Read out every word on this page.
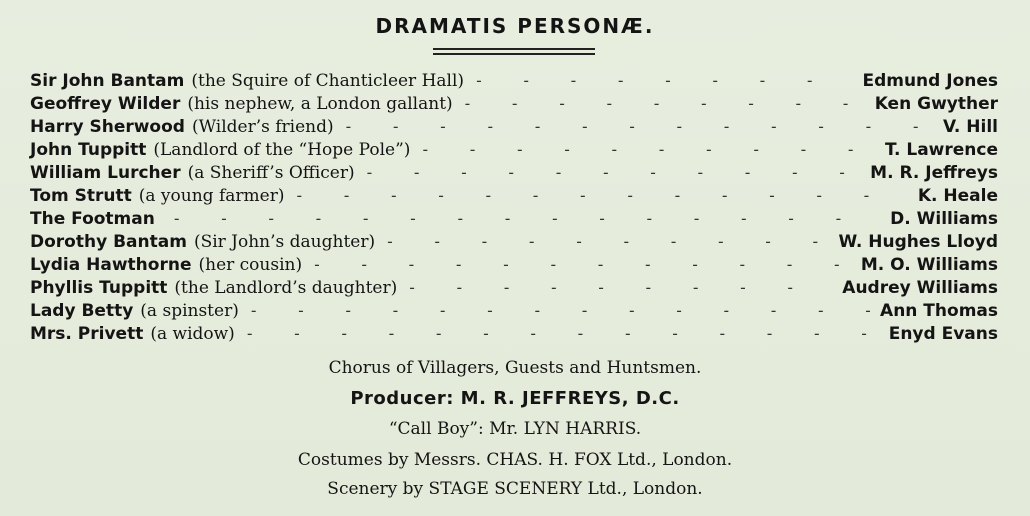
DRAMATIS PERSONÆ.
Sir John Bantam (the Squire of Chanticleer Hall) - - -	Edmund Jones
Geoffrey Wilder (his nephew, a London gallant) - - -	Ken Gwyther
Harry Sherwood (Wilder’s friend) - - -	V. Hill
John Tuppitt (Landlord of the “Hope Pole”) - - -	T. Lawrence
William Lurcher (a Sheriff’s Officer) - - -	M. R. Jeffreys
Tom Strutt (a young farmer) - - -	K. Heale
The Footman - - -	D. Williams
Dorothy Bantam (Sir John’s daughter) - - -	W. Hughes Lloyd
Lydia Hawthorne (her cousin) - - -	M. O. Williams
Phyllis Tuppitt (the Landlord’s daughter) - - -	Audrey Williams
Lady Betty (a spinster) - - -	Ann Thomas
Mrs. Privett (a widow) - - -	Enyd Evans
Chorus of Villagers, Guests and Huntsmen.
Producer: M. R. JEFFREYS, D.C.
“Call Boy”: Mr. LYN HARRIS.
Costumes by Messrs. CHAS. H. FOX Ltd., London.
Scenery by STAGE SCENERY Ltd., London.
